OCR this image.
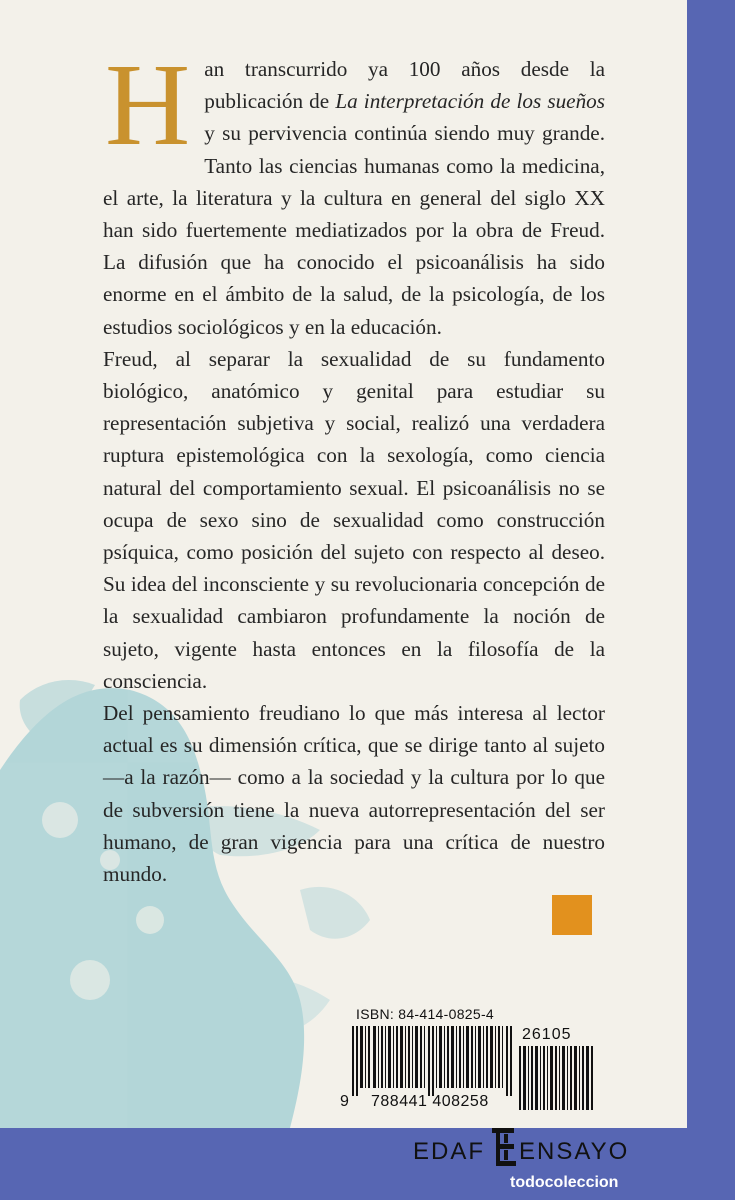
H an transcurrido ya 100 años desde la publicación de La interpretación de los sueños y su pervivencia continúa siendo muy grande. Tanto las ciencias humanas como la medicina, el arte, la literatura y la cultura en general del siglo XX han sido fuertemente mediatizados por la obra de Freud. La difusión que ha conocido el psicoanálisis ha sido enorme en el ámbito de la salud, de la psicología, de los estudios sociológicos y en la educación.

Freud, al separar la sexualidad de su fundamento biológico, anatómico y genital para estudiar su representación subjetiva y social, realizó una verdadera ruptura epistemológica con la sexología, como ciencia natural del comportamiento sexual. El psicoanálisis no se ocupa de sexo sino de sexualidad como construcción psíquica, como posición del sujeto con respecto al deseo. Su idea del inconsciente y su revolucionaria concepción de la sexualidad cambiaron profundamente la noción de sujeto, vigente hasta entonces en la filosofía de la consciencia.

Del pensamiento freudiano lo que más interesa al lector actual es su dimensión crítica, que se dirige tanto al sujeto —a la razón— como a la sociedad y la cultura por lo que de subversión tiene la nueva autorrepresentación del ser humano, de gran vigencia para una crítica de nuestro mundo.

ISBN: 84-414-0825-4
9 788441 408258
26105
EDAF ENSAYO
todocoleccion
